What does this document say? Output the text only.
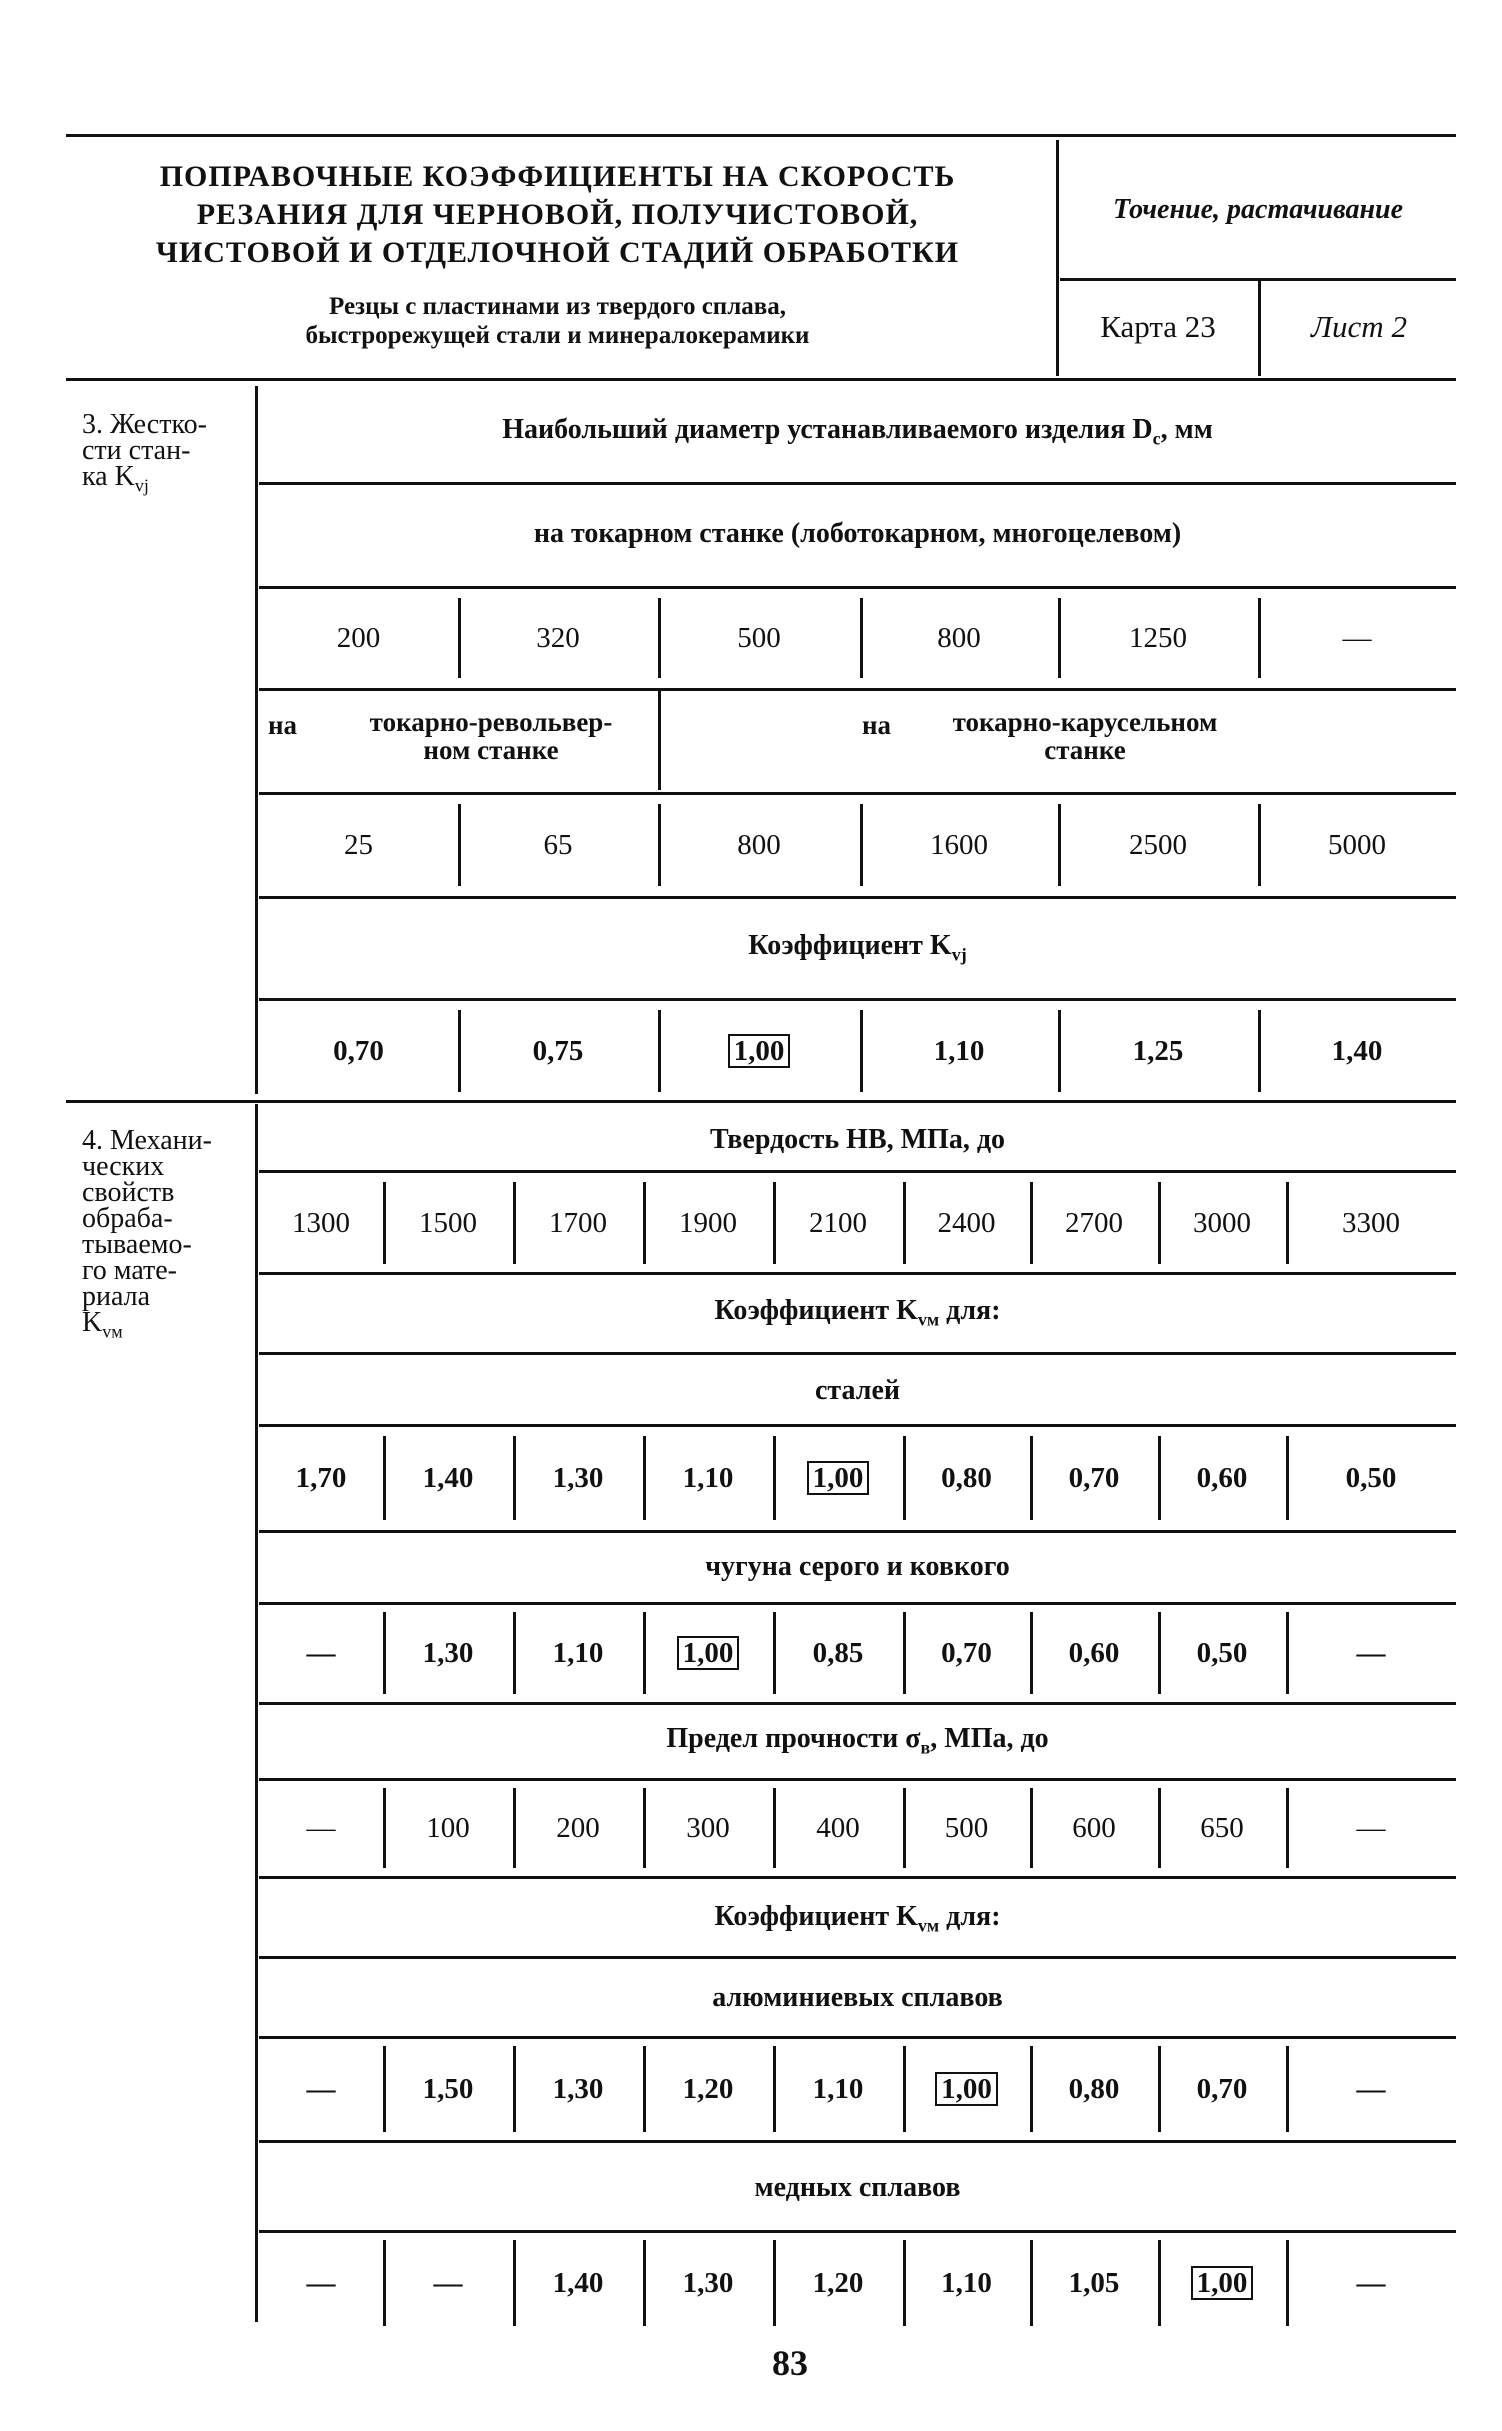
ПОПРАВОЧНЫЕ КОЭФФИЦИЕНТЫ НА СКОРОСТЬ
РЕЗАНИЯ ДЛЯ ЧЕРНОВОЙ, ПОЛУЧИСТОВОЙ,
ЧИСТОВОЙ И ОТДЕЛОЧНОЙ СТАДИЙ ОБРАБОТКИ
Резцы с пластинами из твердого сплава,
быстрорежущей стали и минералокерамики
Точение, растачивание
Карта 23	Лист 2
3. Жестко-
сти стан-
ка $K_{vj}$
Наибольший диаметр устанавливаемого изделия $D_с$, мм
на токарном станке (лоботокарном, многоцелевом)
200	320	500	800	1250	—
на	токарно-револьвер-
ном станке
на	токарно-карусельном
станке
25	65	800	1600	2500	5000
Коэффициент $K_{vj}$
0,70	0,75	1,00	1,10	1,25	1,40
4. Механи-
ческих
свойств
обраба-
тываемо-
го мате-
риала
$K_{vм}$
Твердость НВ, МПа, до
1300 1500 1700 1900 2100 2400 2700 3000	3300
Коэффициент $K_{vм}$ для:
сталей
1,70	1,40	1,30	1,10	1,00	0,80	0,70	0,60	0,50
чугуна серого и ковкого
—	1,30	1,10	1,00	0,85	0,70	0,60	0,50	—
Предел прочности $\sigma_в$, МПа, до
—	100	200	300	400	500	600	650	—
Коэффициент $K_{vм}$ для:
алюминиевых сплавов
—	1,50	1,30	1,20	1,10	1,00	0,80	0,70	—
медных сплавов
—	—	1,40	1,30	1,20	1,10	1,05	1,00	—
83
